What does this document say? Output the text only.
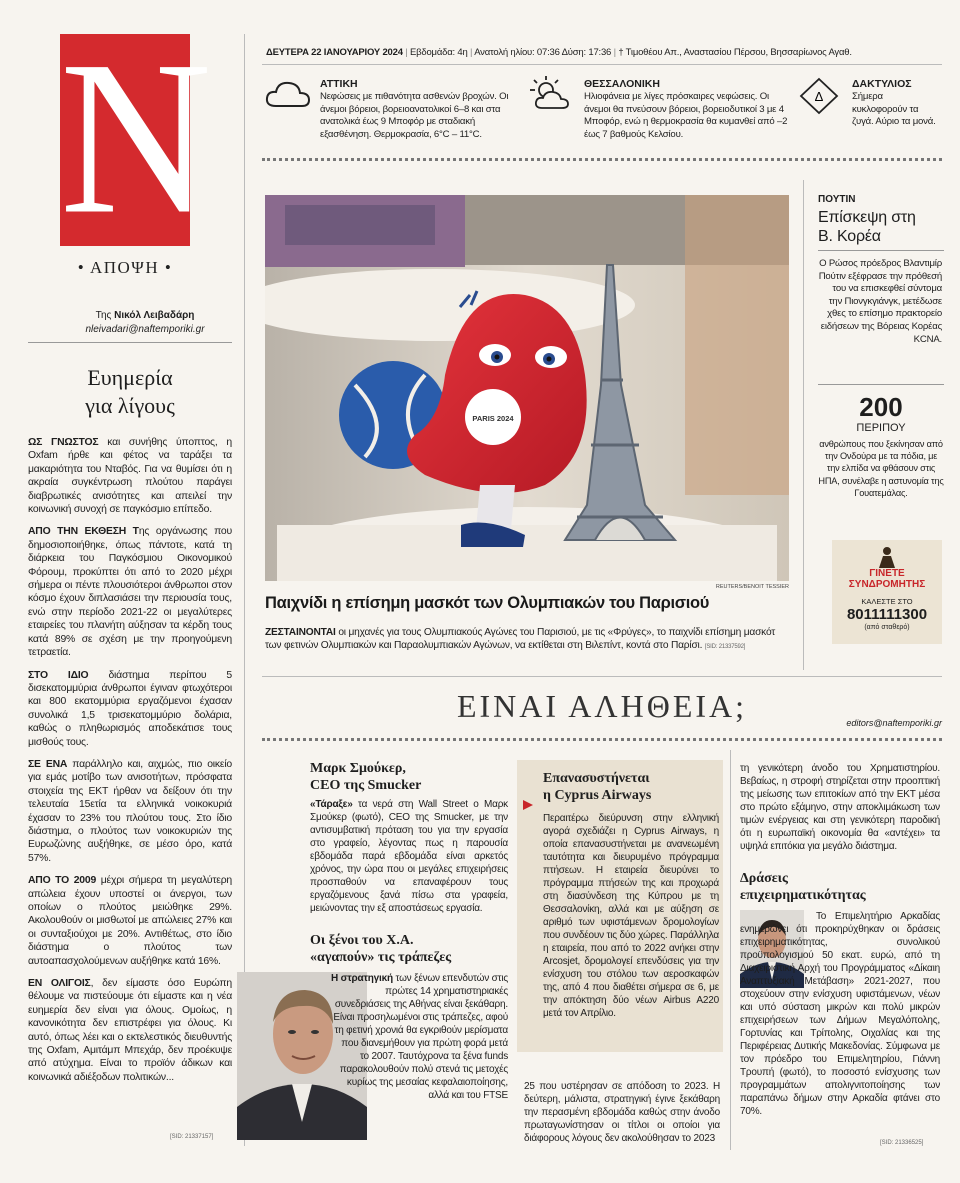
N
• ΑΠΟΨΗ •
Της Νικόλ Λειβαδάρη
nleivadari@naftemporiki.gr
Ευημερία
για λίγους

ΩΣ ΓΝΩΣΤΟΣ και συνήθης ύποπτος, η Oxfam ήρθε και φέτος να ταράξει τα μακαριότητα του Νταβός. Για να θυμίσει ότι η ακραία συγκέντρωση πλούτου παράγει διαβρωτικές ανισότητες και απειλεί την κοινωνική συνοχή σε παγκόσμιο επίπεδο.

ΑΠΟ ΤΗΝ ΕΚΘΕΣΗ Της οργάνωσης που δημοσιοποιήθηκε, όπως πάντοτε, κατά τη διάρκεια του Παγκόσμιου Οικονομικού Φόρουμ, προκύπτει ότι από το 2020 μέχρι σήμερα οι πέντε πλουσιότεροι άνθρωποι στον κόσμο έχουν διπλασιάσει την περιουσία τους, ενώ στην περίοδο 2021-22 οι μεγαλύτερες εταιρείες του πλανήτη αύξησαν τα κέρδη τους κατά 89% σε σχέση με την προηγούμενη τετραετία.

ΣΤΟ ΙΔΙΟ διάστημα περίπου 5 δισεκατομμύρια άνθρωποι έγιναν φτωχότεροι και 800 εκατομμύρια εργαζόμενοι έχασαν συνολικά 1,5 τρισεκατομμύριο δολάρια, καθώς ο πληθωρισμός αποδεκάτισε τους μισθούς τους.

ΣΕ ΕΝΑ παράλληλο και, αιχμώς, πιο οικείο για εμάς μοτίβο των ανισοτήτων, πρόσφατα στοιχεία της ΕΚΤ ήρθαν να δείξουν ότι την τελευταία 15ετία τα ελληνικά νοικοκυριά έχασαν το 23% του πλούτου τους. Στο ίδιο διάστημα, ο πλούτος των νοικοκυριών της Ευρωζώνης αυξήθηκε, σε μέσο όρο, κατά 57%.

ΑΠΟ ΤΟ 2009 μέχρι σήμερα τη μεγαλύτερη απώλεια έχουν υποστεί οι άνεργοι, των οποίων ο πλούτος μειώθηκε 29%. Ακολουθούν οι μισθωτοί με απώλειες 27% και οι συνταξιούχοι με 20%. Αντιθέτως, στο ίδιο διάστημα ο πλούτος των αυτοαπασχολούμενων αυξήθηκε κατά 16%.

ΕΝ ΟΛΙΓΟΙΣ, δεν είμαστε όσο Ευρώπη θέλουμε να πιστεύουμε ότι είμαστε και η νέα ευημερία δεν είναι για όλους. Ομοίως, η κανονικότητα δεν επιστρέφει για όλους. Κι αυτό, όπως λέει και ο εκτελεστικός διευθυντής της Oxfam, Αμιτάμπ Μπεχάρ, δεν προέκυψε από ατύχημα. Είναι το προϊόν άδικων και κοινωνικά αδιέξοδων πολιτικών...

ΔΕΥΤΕΡΑ 22 ΙΑΝΟΥΑΡΙΟΥ 2024 | Εβδομάδα: 4η | Ανατολή ηλίου: 07:36 Δύση: 17:36 | † Τιμοθέου Απ., Αναστασίου Πέρσου, Βησσαρίωνος Αγαθ.
ΑΤΤΙΚΗ
Νεφώσεις με πιθανότητα ασθενών βροχών. Οι άνεμοι βόρειοι, βορειοανατολικοί 6–8 και στα ανατολικά έως 9 Μποφόρ με σταδιακή εξασθένηση. Θερμοκρασία, 6°C – 11°C.
ΘΕΣΣΑΛΟΝΙΚΗ
Ηλιοφάνεια με λίγες πρόσκαιρες νεφώσεις. Οι άνεμοι θα πνεύσουν βόρειοι, βορειοδυτικοί 3 με 4 Μποφόρ, ενώ η θερμοκρασία θα κυμανθεί από –2 έως 7 βαθμούς Κελσίου.
Δ
ΔΑΚΤΥΛΙΟΣ
Σήμερα κυκλοφορούν τα ζυγά. Αύριο τα μονά.
PARIS 2024
REUTERS/BENOIT TESSIER
Παιχνίδι η επίσημη μασκότ των Ολυμπιακών του Παρισιού
ΖΕΣΤΑΙΝΟΝΤΑΙ οι μηχανές για τους Ολυμπιακούς Αγώνες του Παρισιού, με τις «Φρύγες», το παιχνίδι επίσημη μασκότ των φετινών Ολυμπιακών και Παραολυμπιακών Αγώνων, να εκτίθεται στη Βιλεπίντ, κοντά στο Παρίσι. [SID: 21337592]
ΠΟΥΤΙΝ
Επίσκεψη στη Β. Κορέα
Ο Ρώσος πρόεδρος Βλαντιμίρ Πούτιν εξέφρασε την πρόθεσή του να επισκεφθεί σύντομα την Πιονγκγιάνγκ, μετέδωσε χθες το επίσημο πρακτορείο ειδήσεων της Βόρειας Κορέας KCNA.
200
ΠΕΡΙΠΟΥ
ανθρώπους που ξεκίνησαν από την Ονδούρα με τα πόδια, με την ελπίδα να φθάσουν στις ΗΠΑ, συνέλαβε η αστυνομία της Γουατεμάλας.
ΓΙΝΕΤΕ
ΣΥΝΔΡΟΜΗΤΗΣ
ΚΑΛΕΣΤΕ ΣΤΟ
8011111300
(από σταθερό)
ΕΙΝΑΙ ΑΛΗΘΕΙΑ;	editors@naftemporiki.gr
Μαρκ Σμούκερ,
CEO της Smucker
«Τάραξε» τα νερά στη Wall Street ο Μαρκ Σμούκερ (φωτό), CEO της Smucker, με την αντισυμβατική πρόταση του για την εργασία στο γραφείο, λέγοντας πως η παρουσία εβδομάδα παρά εβδομάδα είναι αρκετός χρόνος, την ώρα που οι μεγάλες επιχειρήσεις προσπαθούν να επαναφέρουν τους εργαζόμενους ξανά πίσω στα γραφεία, μειώνοντας την εξ αποστάσεως εργασία.
Οι ξένοι του Χ.Α.
«αγαπούν» τις τράπεζες
Η στρατηγική των ξένων επενδυτών στις πρώτες 14 χρηματιστηριακές συνεδριάσεις της Αθήνας είναι ξεκάθαρη. Είναι προσηλωμένοι στις τράπεζες, αφού τη φετινή χρονιά θα εγκριθούν μερίσματα που διανεμήθουν για πρώτη φορά μετά το 2007. Ταυτόχρονα τα ξένα funds παρακολουθούν πολύ στενά τις μετοχές κυρίως της μεσαίας κεφαλαιοποίησης, αλλά και του FTSE
[SID: 21337157]
Επανασυστήνεται
η Cyprus Airways
Περαιτέρω διεύρυνση στην ελληνική αγορά σχεδιάζει η Cyprus Airways, η οποία επανασυστήνεται με ανανεωμένη ταυτότητα και διευρυμένο πρόγραμμα πτήσεων. Η εταιρεία διευρύνει το πρόγραμμα πτήσεών της και προχωρά στη διασύνδεση της Κύπρου με τη Θεσσαλονίκη, αλλά και με αύξηση σε αριθμό των υφιστάμενων δρομολογίων που συνδέουν τις δύο χώρες. Παράλληλα η εταιρεία, που από το 2022 ανήκει στην Arcosjet, δρομολογεί επενδύσεις για την ενίσχυση του στόλου των αεροσκαφών της, από 4 που διαθέτει σήμερα σε 6, με την απόκτηση δύο νέων Airbus A220 μετά τον Απρίλιο.
25 που υστέρησαν σε απόδοση το 2023. Η δεύτερη, μάλιστα, στρατηγική έγινε ξεκάθαρη την περασμένη εβδομάδα καθώς στην άνοδο πρωταγωνίστησαν οι τίτλοι οι οποίοι για διάφορους λόγους δεν ακολούθησαν το 2023
τη γενικότερη άνοδο του Χρηματιστηρίου. Βεβαίως, η στροφή στηρίζεται στην προοπτική της μείωσης των επιτοκίων από την ΕΚΤ μέσα στο πρώτο εξάμηνο, στην αποκλιμάκωση των τιμών ενέργειας και στη γενικότερη παροδική ότι η ευρωπαϊκή οικονομία θα «αντέχει» τα υψηλά επιτόκια για μεγάλο διάστημα.
Δράσεις
επιχειρηματικότητας
Το Επιμελητήριο Αρκαδίας ενημερώνει ότι προκηρύχθηκαν οι δράσεις επιχειρηματικότητας, συνολικού προϋπολογισμού 50 εκατ. ευρώ, από τη Διαχειριστική Αρχή του Προγράμματος «Δίκαιη Αναπτυξιακή Μετάβαση» 2021-2027, που στοχεύουν στην ενίσχυση υφιστάμενων, νέων και υπό σύσταση μικρών και πολύ μικρών επιχειρήσεων των Δήμων Μεγαλόπολης, Γορτυνίας και Τρίπολης, Οιχαλίας και της Περιφέρειας Δυτικής Μακεδονίας. Σύμφωνα με τον πρόεδρο του Επιμελητηρίου, Γιάννη Τρουπή (φωτό), το ποσοστό ενίσχυσης των προγραμμάτων απολιγνιτοποίησης των παραπάνω δήμων στην Αρκαδία φτάνει στο 70%.
[SID: 21336525]
